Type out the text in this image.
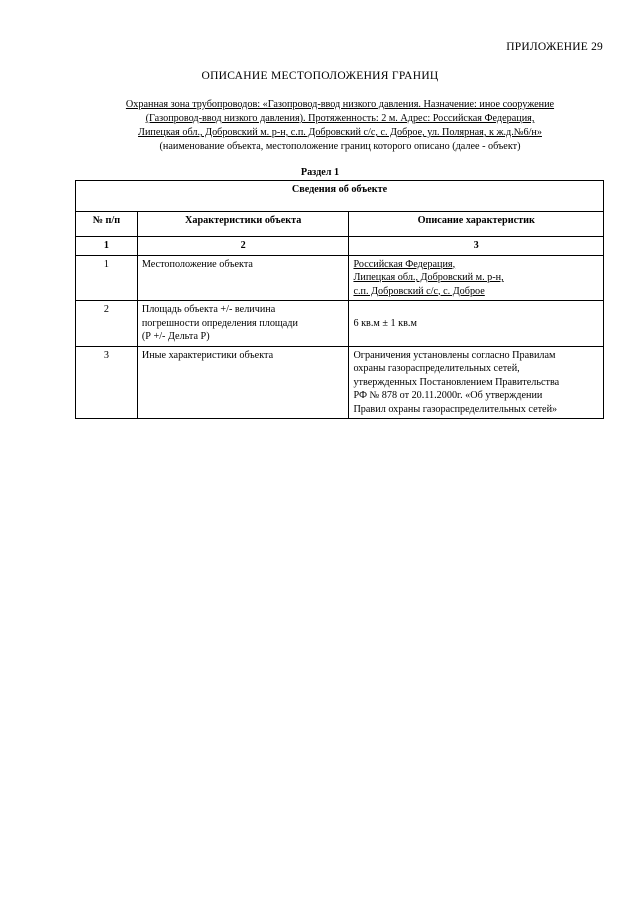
ПРИЛОЖЕНИЕ 29
ОПИСАНИЕ МЕСТОПОЛОЖЕНИЯ ГРАНИЦ
Охранная зона трубопроводов: «Газопровод-ввод низкого давления. Назначение: иное сооружение
(Газопровод-ввод низкого давления). Протяженность: 2 м. Адрес: Российская Федерация,
Липецкая обл., Добровский м. р-н, с.п. Добровский с/с, с. Доброе, ул. Полярная, к ж.д.№6/н»
(наименование объекта, местоположение границ которого описано (далее - объект)
Раздел 1
Сведения об объекте		
№ п/п	Характеристики объекта	Описание характеристик
1	2	3
1	Местоположение объекта	Российская Федерация,
Липецкая обл., Добровский м. р-н,
с.п. Добровский с/с, с. Доброе

2	Площадь объекта +/- величина
погрешности определения площади
(Р +/- Дельта Р)	6 кв.м ± 1 кв.м
3	Иные характеристики объекта	Ограничения установлены согласно Правилам
охраны газораспределительных сетей,
утвержденных Постановлением Правительства
РФ № 878 от 20.11.2000г. «Об утверждении
Правил охраны газораспределительных сетей»
